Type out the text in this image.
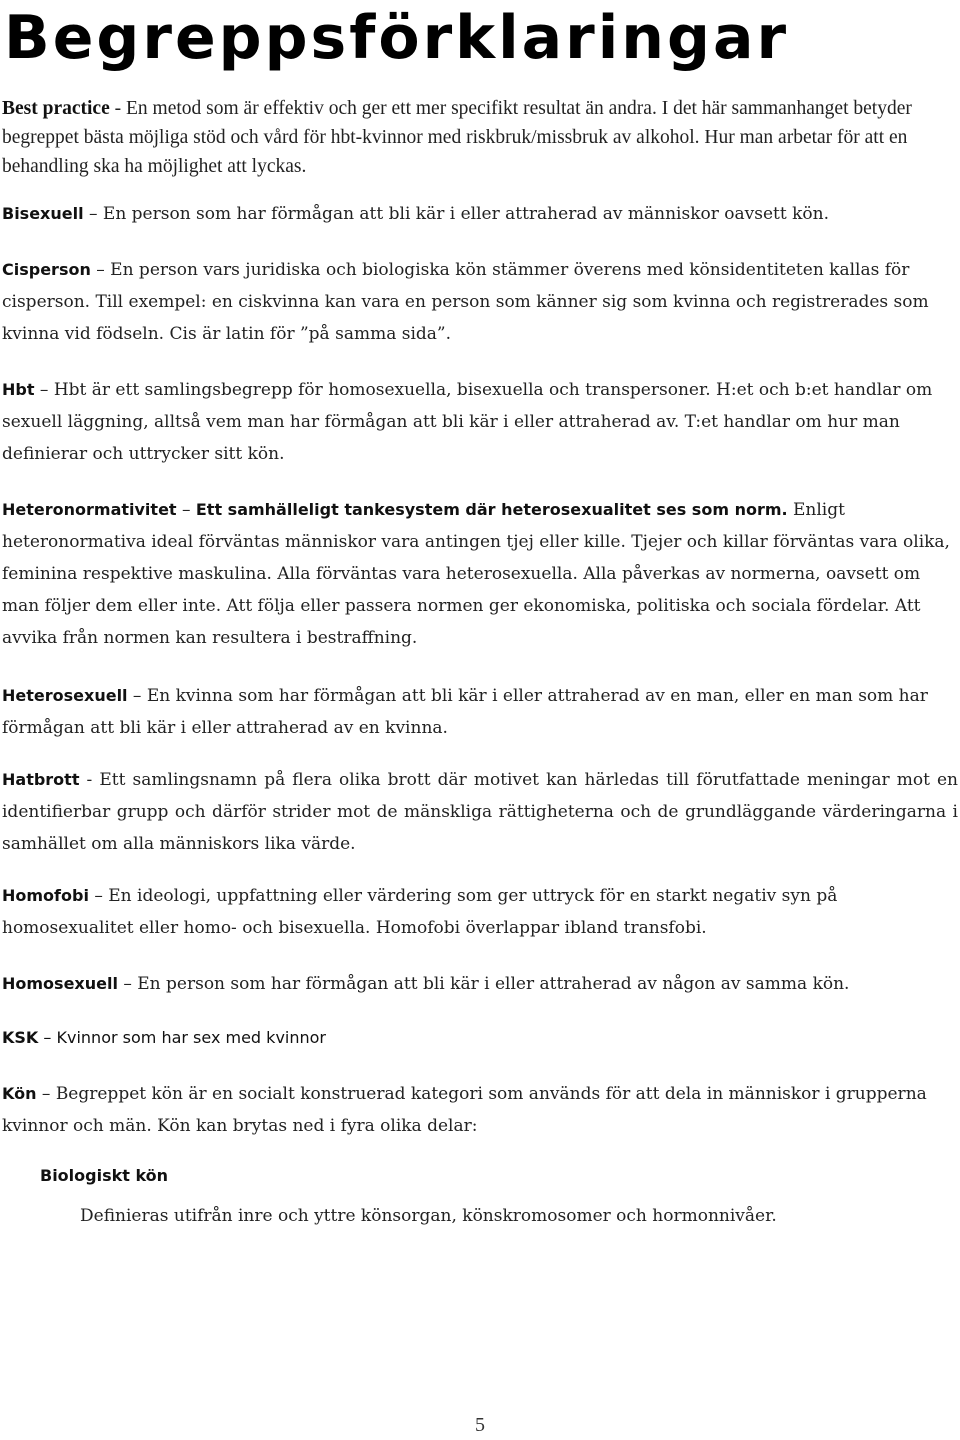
Begreppsförklaringar

Best practice - En metod som är effektiv och ger ett mer specifikt resultat än andra. I det här sammanhanget betyder begreppet bästa möjliga stöd och vård för hbt-kvinnor med riskbruk/missbruk av alkohol. Hur man arbetar för att en behandling ska ha möjlighet att lyckas.

Bisexuell – En person som har förmågan att bli kär i eller attraherad av människor oavsett kön.

Cisperson – En person vars juridiska och biologiska kön stämmer överens med könsidentiteten kallas för cisperson. Till exempel: en ciskvinna kan vara en person som känner sig som kvinna och registrerades som kvinna vid födseln. Cis är latin för ”på samma sida”.

Hbt – Hbt är ett samlingsbegrepp för homosexuella, bisexuella och transpersoner. H:et och b:et handlar om sexuell läggning, alltså vem man har förmågan att bli kär i eller attraherad av. T:et handlar om hur man definierar och uttrycker sitt kön.

Heteronormativitet – Ett samhälleligt tankesystem där heterosexualitet ses som norm. Enligt heteronormativa ideal förväntas människor vara antingen tjej eller kille. Tjejer och killar förväntas vara olika, feminina respektive maskulina. Alla förväntas vara heterosexuella. Alla påverkas av normerna, oavsett om man följer dem eller inte. Att följa eller passera normen ger ekonomiska, politiska och sociala fördelar. Att avvika från normen kan resultera i bestraffning.

Heterosexuell – En kvinna som har förmågan att bli kär i eller attraherad av en man, eller en man som har förmågan att bli kär i eller attraherad av en kvinna.

Hatbrott - Ett samlingsnamn på flera olika brott där motivet kan härledas till förutfattade meningar mot en identifierbar grupp och därför strider mot de mänskliga rättigheterna och de grundläggande värderingarna i samhället om alla människors lika värde.

Homofobi – En ideologi, uppfattning eller värdering som ger uttryck för en starkt negativ syn på homosexualitet eller homo- och bisexuella. Homofobi överlappar ibland transfobi.

Homosexuell – En person som har förmågan att bli kär i eller attraherad av någon av samma kön.

KSK – Kvinnor som har sex med kvinnor

Kön – Begreppet kön är en socialt konstruerad kategori som används för att dela in människor i grupperna kvinnor och män. Kön kan brytas ned i fyra olika delar:

Biologiskt kön

Definieras utifrån inre och yttre könsorgan, könskromosomer och hormonnivåer.

5
